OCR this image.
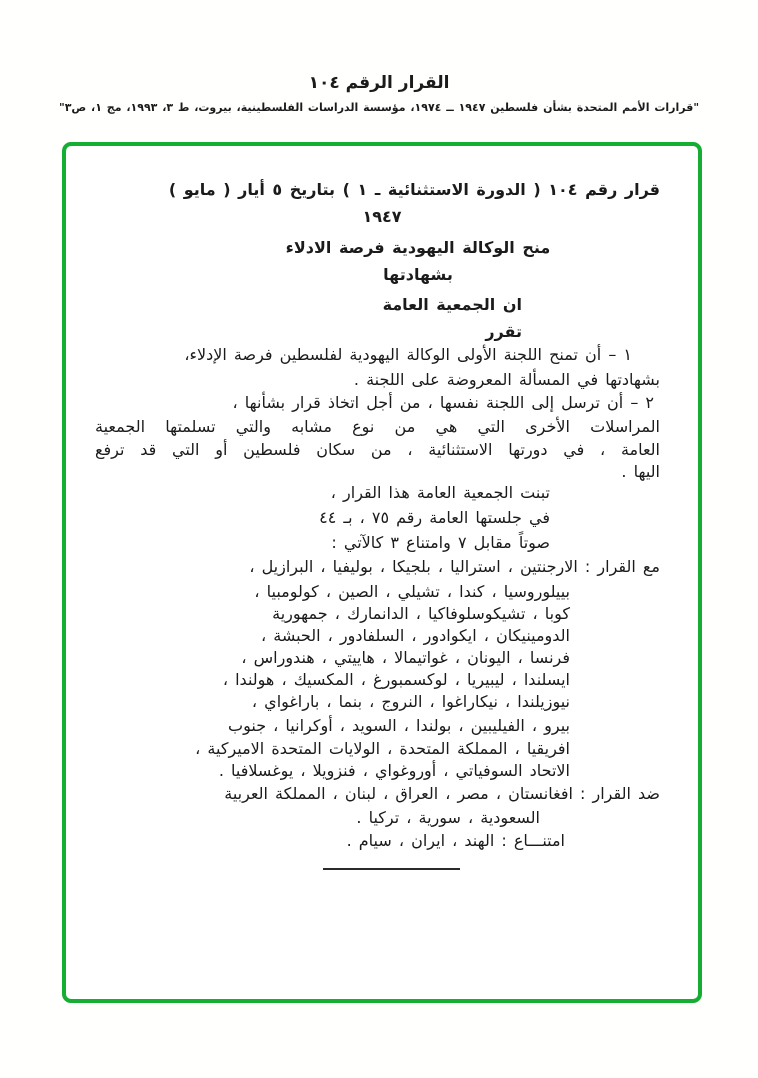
القرار الرقم ١٠٤
"قرارات الأمم المتحدة بشأن فلسطين ١٩٤٧ ــ ١٩٧٤، مؤسسة الدراسات الفلسطينية، بيروت، ط ٣، ١٩٩٣، مج ١، ص٣"
قرار رقم ١٠٤ ( الدورة الاستثنائية ـ ١ ) بتاريخ ٥ أيار ( مايو )
١٩٤٧
منح الوكالة اليهودية فرصة الادلاء
بشهادتها
ان الجمعية العامة
تقرر
١ – أن تمنح اللجنة الأولى الوكالة اليهودية لفلسطين فرصة الإدلاء،
بشهادتها في المسألة المعروضة على اللجنة .
٢ – أن ترسل إلى اللجنة نفسها ، من أجل اتخاذ قرار بشأنها ،
المراسلات الأخرى التي هي من نوع مشابه والتي تسلمتها الجمعية
العامة ، في دورتها الاستثنائية ، من سكان فلسطين أو التي قد ترفع
اليها .
تبنت الجمعية العامة هذا القرار ،
في جلستها العامة رقم ٧٥ ، بـ ٤٤
صوتاً مقابل ٧ وامتناع ٣ كالآتي :
مع القرار : الارجنتين ، استراليا ، بلجيكا ، بوليفيا ، البرازيل ،
بييلوروسيا ، كندا ، تشيلي ، الصين ، كولومبيا ،
كوبا ، تشيكوسلوفاكيا ، الدانمارك ، جمهورية
الدومينيكان ، ايكوادور ، السلفادور ، الحبشة ،
فرنسا ، اليونان ، غواتيمالا ، هاييتي ، هندوراس ،
ايسلندا ، ليبيريا ، لوكسمبورغ ، المكسيك ، هولندا ،
نيوزيلندا ، نيكاراغوا ، النروج ، بنما ، باراغواي ،
بيرو ، الفيليبين ، بولندا ، السويد ، أوكرانيا ، جنوب
افريقيا ، المملكة المتحدة ، الولايات المتحدة الاميركية ،
الاتحاد السوفياتي ، أوروغواي ، فنزويلا ، يوغسلافيا .
ضد القرار : افغانستان ، مصر ، العراق ، لبنان ، المملكة العربية
السعودية ، سورية ، تركيا .
امتنـــاع : الهند ، ايران ، سيام .
